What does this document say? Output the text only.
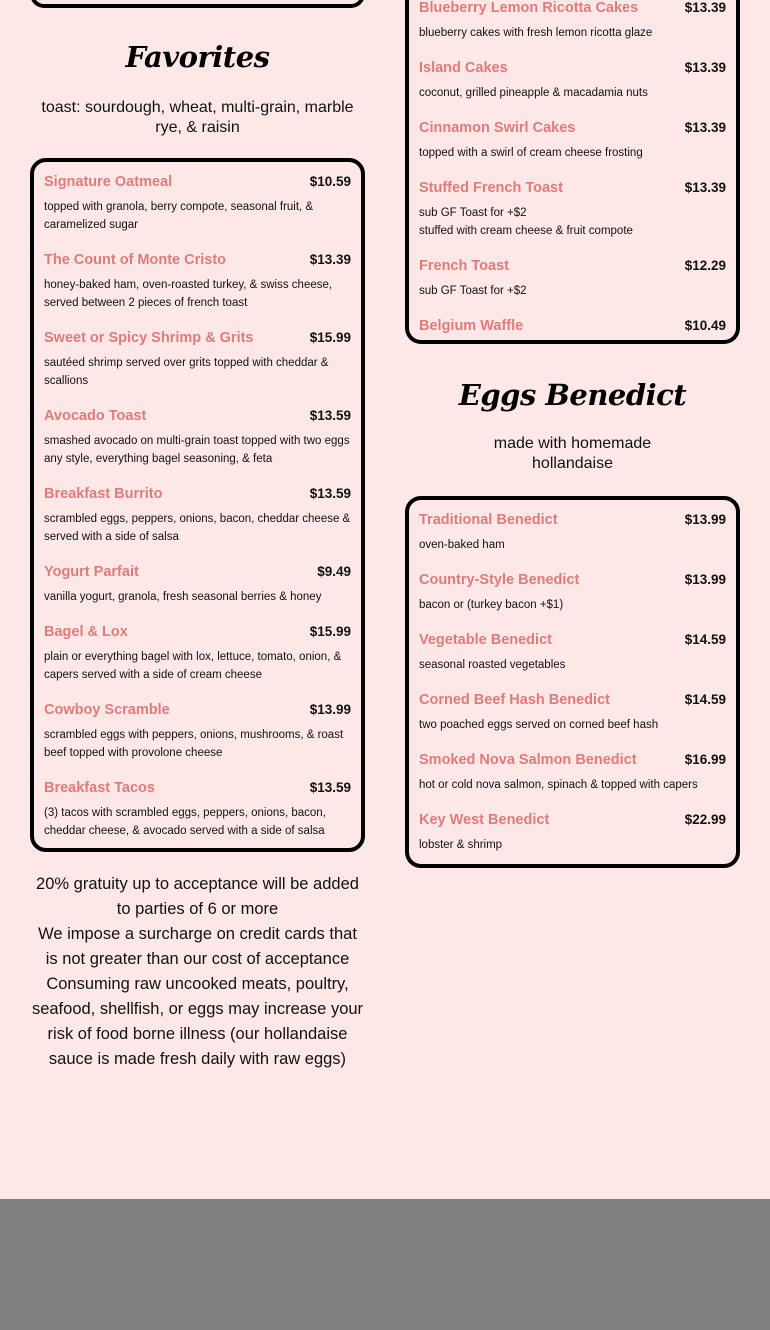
Favorites
toast: sourdough, wheat, multi-grain, marble rye, & raisin
Signature Oatmeal	$10.59
topped with granola, berry compote, seasonal fruit, & caramelized sugar
The Count of Monte Cristo	$13.39
honey-baked ham, oven-roasted turkey, & swiss cheese, served between 2 pieces of french toast
Sweet or Spicy Shrimp & Grits	$15.99
sautéed shrimp served over grits topped with cheddar & scallions
Avocado Toast	$13.59
smashed avocado on multi-grain toast topped with two eggs any style, everything bagel seasoning, & feta
Breakfast Burrito	$13.59
scrambled eggs, peppers, onions, bacon, cheddar cheese & served with a side of salsa
Yogurt Parfait	$9.49
vanilla yogurt, granola, fresh seasonal berries & honey
Bagel & Lox	$15.99
plain or everything bagel with lox, lettuce, tomato, onion, & capers served with a side of cream cheese
Cowboy Scramble	$13.99
scrambled eggs with peppers, onions, mushrooms, & roast beef topped with provolone cheese
Breakfast Tacos	$13.59
(3) tacos with scrambled eggs, peppers, onions, bacon, cheddar cheese, & avocado served with a side of salsa
20% gratuity up to acceptance will be added to parties of 6 or more
We impose a surcharge on credit cards that is not greater than our cost of acceptance
Consuming raw uncooked meats, poultry, seafood, shellfish, or eggs may increase your risk of food borne illness (our hollandaise sauce is made fresh daily with raw eggs)
Blueberry Lemon Ricotta Cakes	$13.39
blueberry cakes with fresh lemon ricotta glaze
Island Cakes	$13.39
coconut, grilled pineapple & macadamia nuts
Cinnamon Swirl Cakes	$13.39
topped with a swirl of cream cheese frosting
Stuffed French Toast	$13.39
sub GF Toast for +$2
stuffed with cream cheese & fruit compote
French Toast	$12.29
sub GF Toast for +$2
Belgium Waffle	$10.49
Eggs Benedict
made with homemade hollandaise
Traditional Benedict	$13.99
oven-baked ham
Country-Style Benedict	$13.99
bacon or (turkey bacon +$1)
Vegetable Benedict	$14.59
seasonal roasted vegetables
Corned Beef Hash Benedict	$14.59
two poached eggs served on corned beef hash
Smoked Nova Salmon Benedict	$16.99
hot or cold nova salmon, spinach & topped with capers
Key West Benedict	$22.99
lobster & shrimp
